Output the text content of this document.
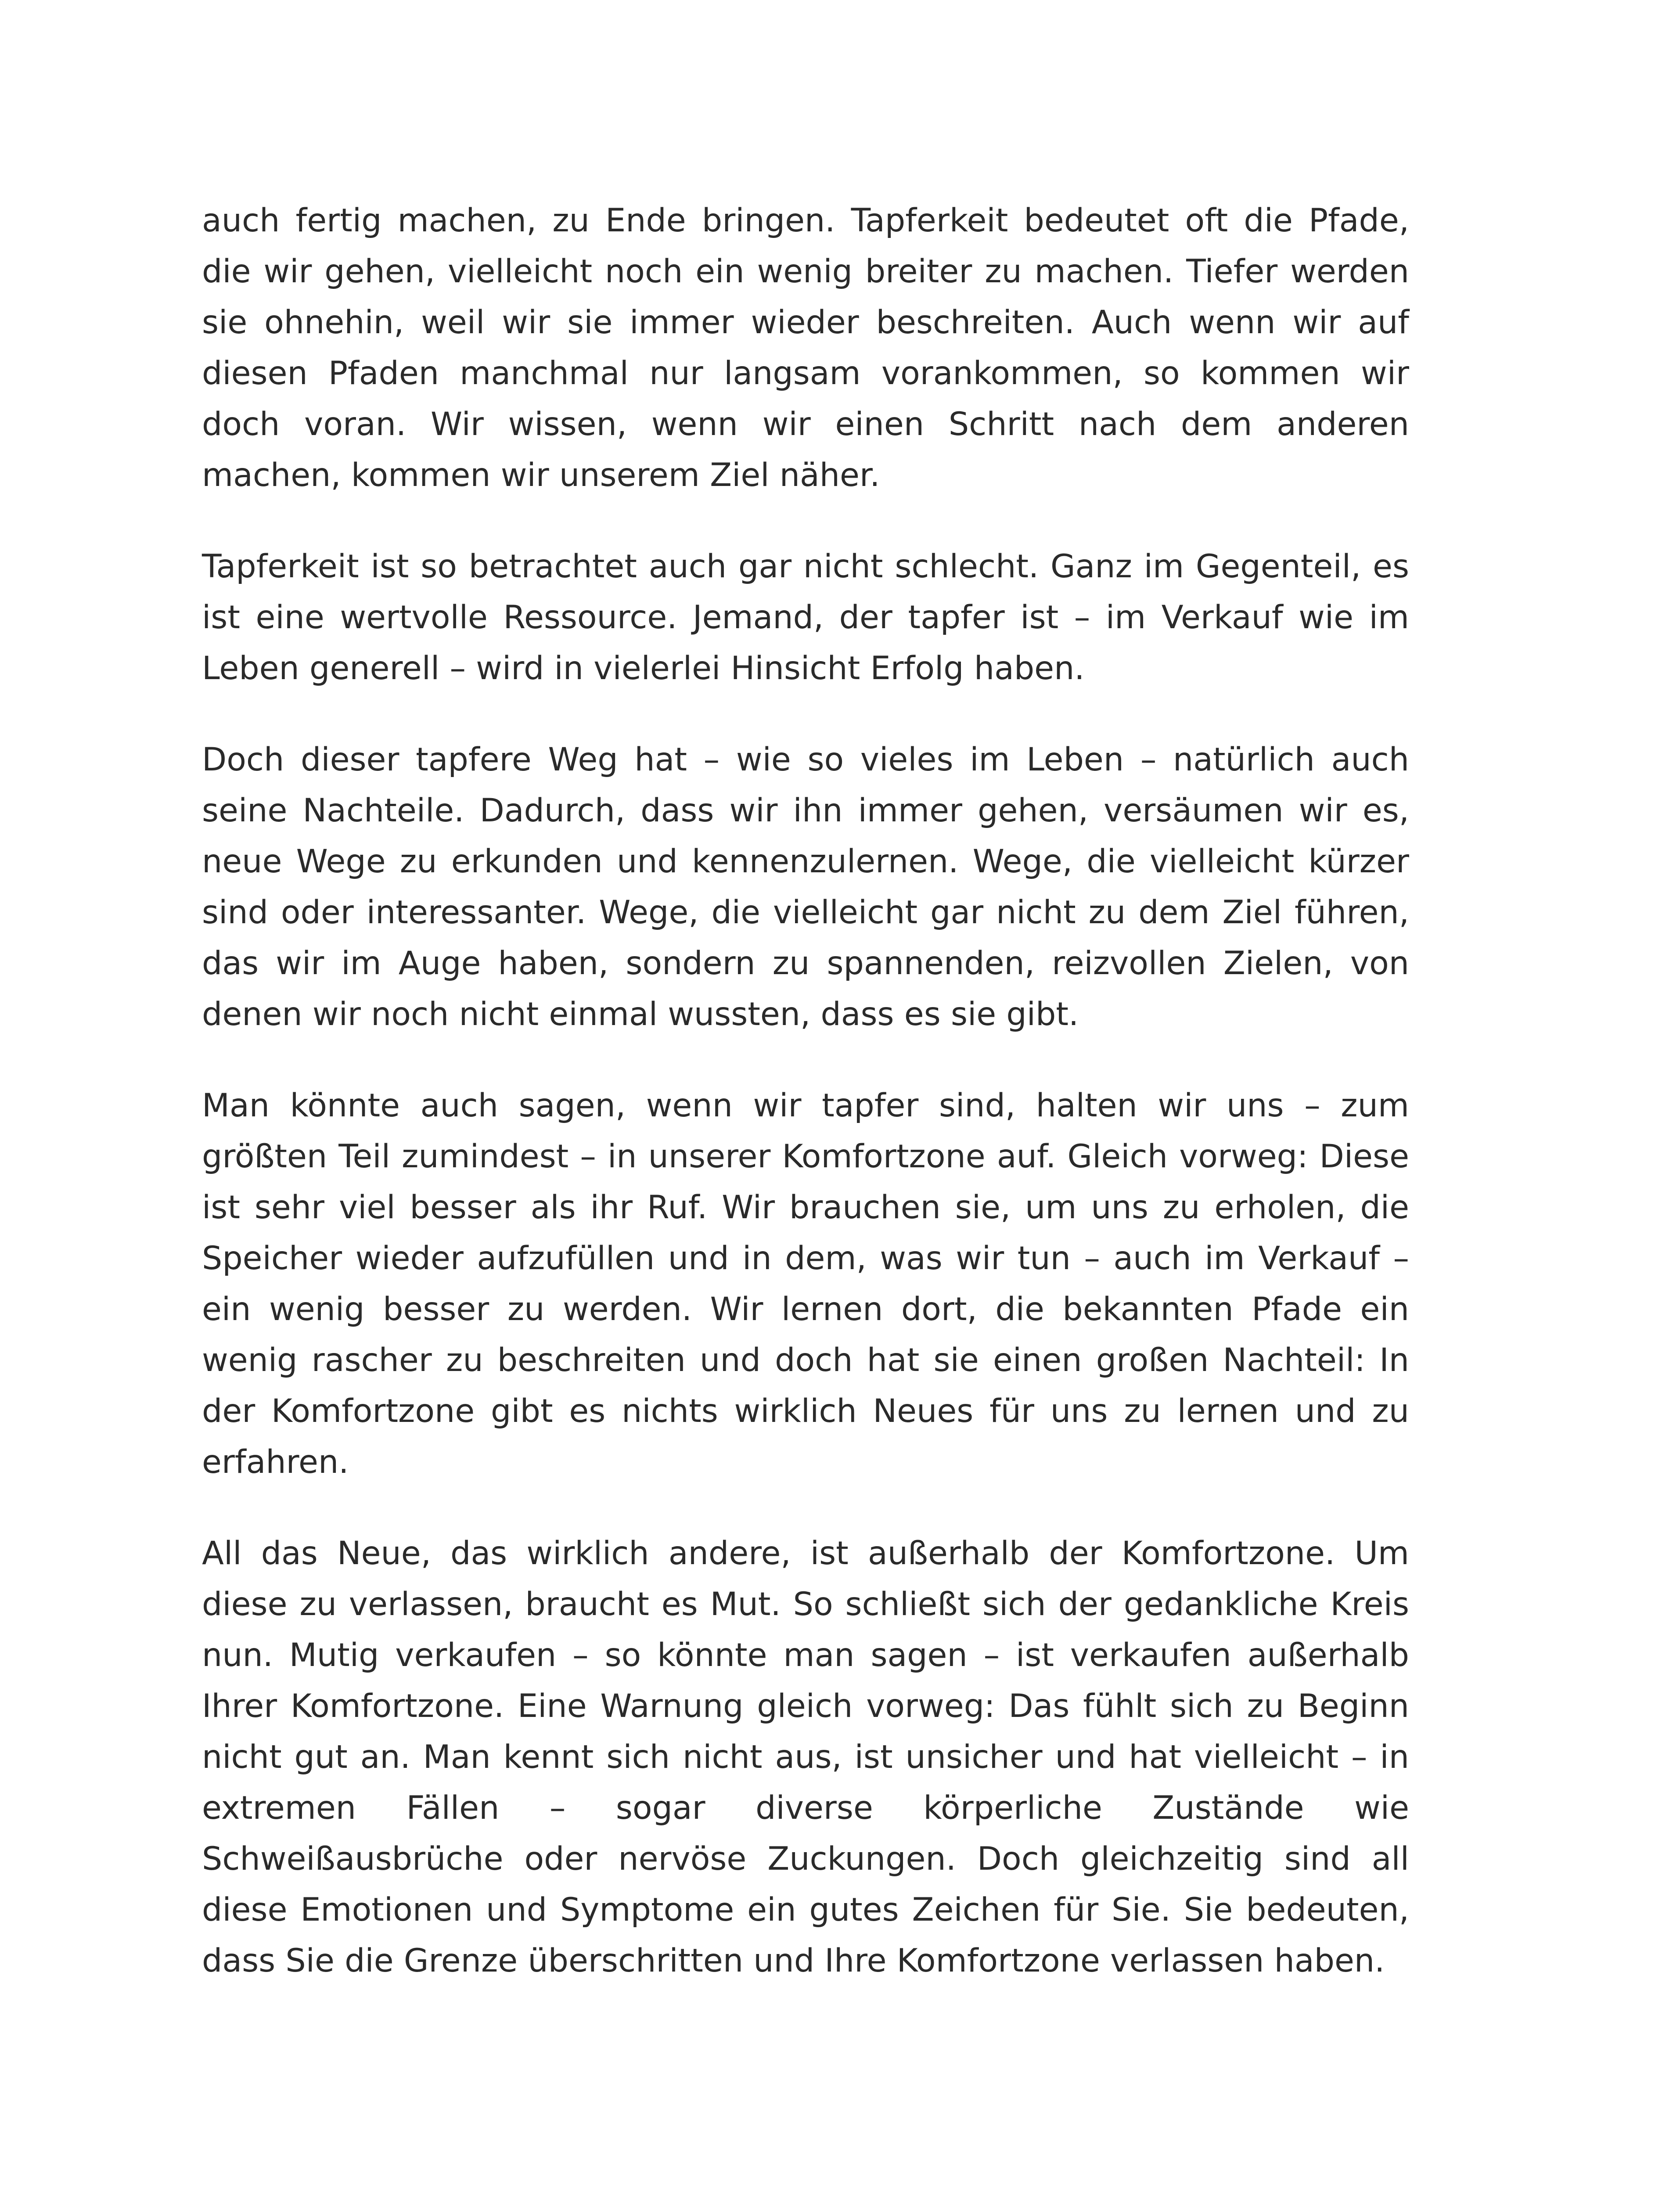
auch fertig machen, zu Ende bringen. Tapferkeit bedeutet oft die Pfade, die wir gehen, vielleicht noch ein wenig breiter zu machen. Tiefer werden sie ohnehin, weil wir sie immer wieder beschreiten. Auch wenn wir auf diesen Pfaden manchmal nur langsam vorankommen, so kommen wir doch voran. Wir wissen, wenn wir einen Schritt nach dem anderen machen, kommen wir unserem Ziel näher.

Tapferkeit ist so betrachtet auch gar nicht schlecht. Ganz im Gegenteil, es ist eine wertvolle Ressource. Jemand, der tapfer ist – im Verkauf wie im Leben generell – wird in vielerlei Hinsicht Erfolg haben.

Doch dieser tapfere Weg hat – wie so vieles im Leben – natürlich auch seine Nachteile. Dadurch, dass wir ihn immer gehen, versäumen wir es, neue Wege zu erkunden und kennenzulernen. Wege, die vielleicht kürzer sind oder interessanter. Wege, die vielleicht gar nicht zu dem Ziel führen, das wir im Auge haben, sondern zu spannenden, reizvollen Zielen, von denen wir noch nicht einmal wussten, dass es sie gibt.

Man könnte auch sagen, wenn wir tapfer sind, halten wir uns – zum größten Teil zumindest – in unserer Komfortzone auf. Gleich vorweg: Diese ist sehr viel besser als ihr Ruf. Wir brauchen sie, um uns zu erholen, die Speicher wieder aufzufüllen und in dem, was wir tun – auch im Verkauf – ein wenig besser zu werden. Wir lernen dort, die bekannten Pfade ein wenig rascher zu beschreiten und doch hat sie einen großen Nachteil: In der Komfortzone gibt es nichts wirklich Neues für uns zu lernen und zu erfahren.

All das Neue, das wirklich andere, ist außerhalb der Komfortzone. Um diese zu verlassen, braucht es Mut. So schließt sich der gedankliche Kreis nun. Mutig verkaufen – so könnte man sagen – ist verkaufen außerhalb Ihrer Komfortzone. Eine Warnung gleich vorweg: Das fühlt sich zu Beginn nicht gut an. Man kennt sich nicht aus, ist unsicher und hat vielleicht – in extremen Fällen – sogar diverse körperliche Zustände wie Schweißausbrüche oder nervöse Zuckungen. Doch gleichzeitig sind all diese Emotionen und Symptome ein gutes Zeichen für Sie. Sie bedeuten, dass Sie die Grenze überschritten und Ihre Komfortzone verlassen haben.
